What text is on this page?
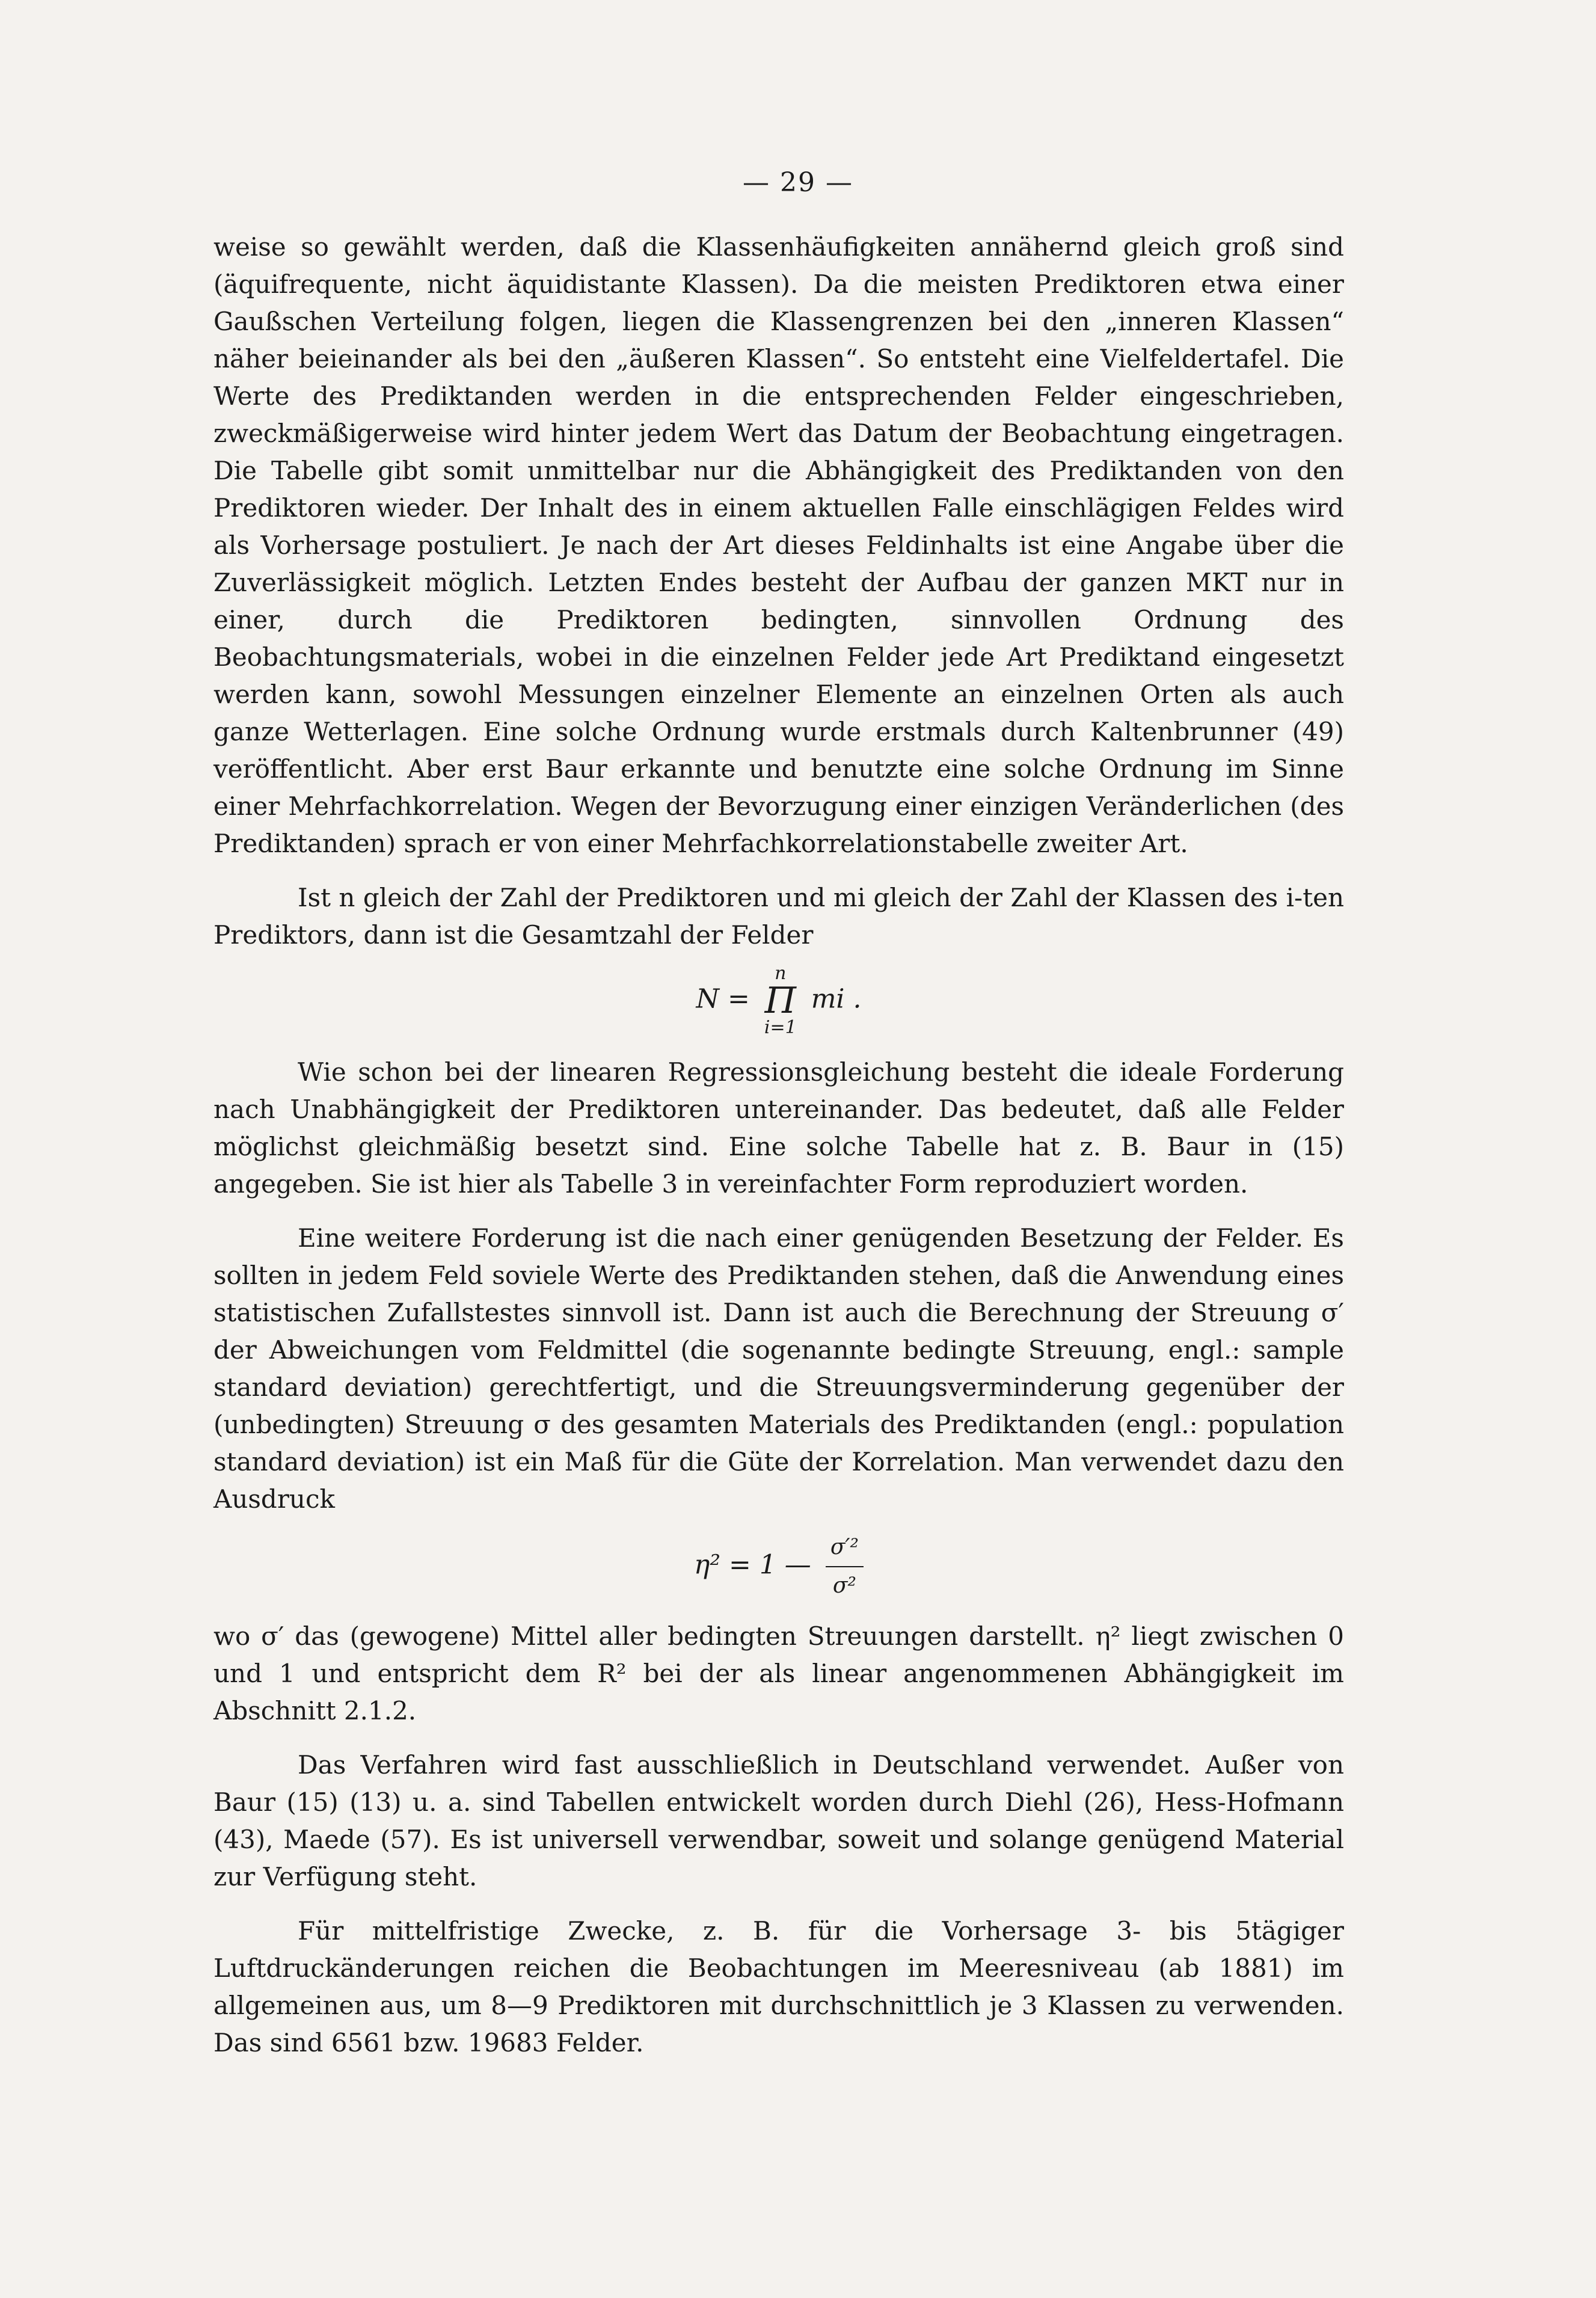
— 29 —

weise so gewählt werden, daß die Klassenhäufigkeiten annähernd gleich groß sind (äquifrequente, nicht äquidistante Klassen). Da die meisten Prediktoren etwa einer Gaußschen Verteilung folgen, liegen die Klassengrenzen bei den „inneren Klassen“ näher beieinander als bei den „äußeren Klassen“. So entsteht eine Vielfeldertafel. Die Werte des Prediktanden werden in die entsprechenden Felder eingeschrieben, zweckmäßigerweise wird hinter jedem Wert das Datum der Beobachtung eingetragen. Die Tabelle gibt somit unmittelbar nur die Abhängigkeit des Prediktanden von den Prediktoren wieder. Der Inhalt des in einem aktuellen Falle einschlägigen Feldes wird als Vorhersage postuliert. Je nach der Art dieses Feldinhalts ist eine Angabe über die Zuverlässigkeit möglich. Letzten Endes besteht der Aufbau der ganzen MKT nur in einer, durch die Prediktoren bedingten, sinnvollen Ordnung des Beobachtungsmaterials, wobei in die einzelnen Felder jede Art Prediktand eingesetzt werden kann, sowohl Messungen einzelner Elemente an einzelnen Orten als auch ganze Wetterlagen. Eine solche Ordnung wurde erstmals durch Kaltenbrunner (49) veröffentlicht. Aber erst Baur erkannte und benutzte eine solche Ordnung im Sinne einer Mehrfachkorrelation. Wegen der Bevorzugung einer einzigen Veränderlichen (des Prediktanden) sprach er von einer Mehrfachkorrelationstabelle zweiter Art.

Ist n gleich der Zahl der Prediktoren und mi gleich der Zahl der Klassen des i-ten Prediktors, dann ist die Gesamtzahl der Felder

N =
n
Π
i=1
mi .

Wie schon bei der linearen Regressionsgleichung besteht die ideale Forderung nach Unabhängigkeit der Prediktoren untereinander. Das bedeutet, daß alle Felder möglichst gleichmäßig besetzt sind. Eine solche Tabelle hat z. B. Baur in (15) angegeben. Sie ist hier als Tabelle 3 in vereinfachter Form reproduziert worden.

Eine weitere Forderung ist die nach einer genügenden Besetzung der Felder. Es sollten in jedem Feld soviele Werte des Prediktanden stehen, daß die Anwendung eines statistischen Zufallstestes sinnvoll ist. Dann ist auch die Berechnung der Streuung σ′ der Abweichungen vom Feldmittel (die sogenannte bedingte Streuung, engl.: sample standard deviation) gerechtfertigt, und die Streuungsverminderung gegenüber der (unbedingten) Streuung σ des gesamten Materials des Prediktanden (engl.: population standard deviation) ist ein Maß für die Güte der Korrelation. Man verwendet dazu den Ausdruck

η² = 1 — $\frac{\text{σ′²}}{\text{σ²}}$

wo σ′ das (gewogene) Mittel aller bedingten Streuungen darstellt. η² liegt zwischen 0 und 1 und entspricht dem R² bei der als linear angenommenen Abhängigkeit im Abschnitt 2.1.2.

Das Verfahren wird fast ausschließlich in Deutschland verwendet. Außer von Baur (15) (13) u. a. sind Tabellen entwickelt worden durch Diehl (26), Hess-Hofmann (43), Maede (57). Es ist universell verwendbar, soweit und solange genügend Material zur Verfügung steht.

Für mittelfristige Zwecke, z. B. für die Vorhersage 3- bis 5tägiger Luftdruckänderungen reichen die Beobachtungen im Meeresniveau (ab 1881) im allgemeinen aus, um 8—9 Prediktoren mit durchschnittlich je 3 Klassen zu verwenden. Das sind 6561 bzw. 19683 Felder.
